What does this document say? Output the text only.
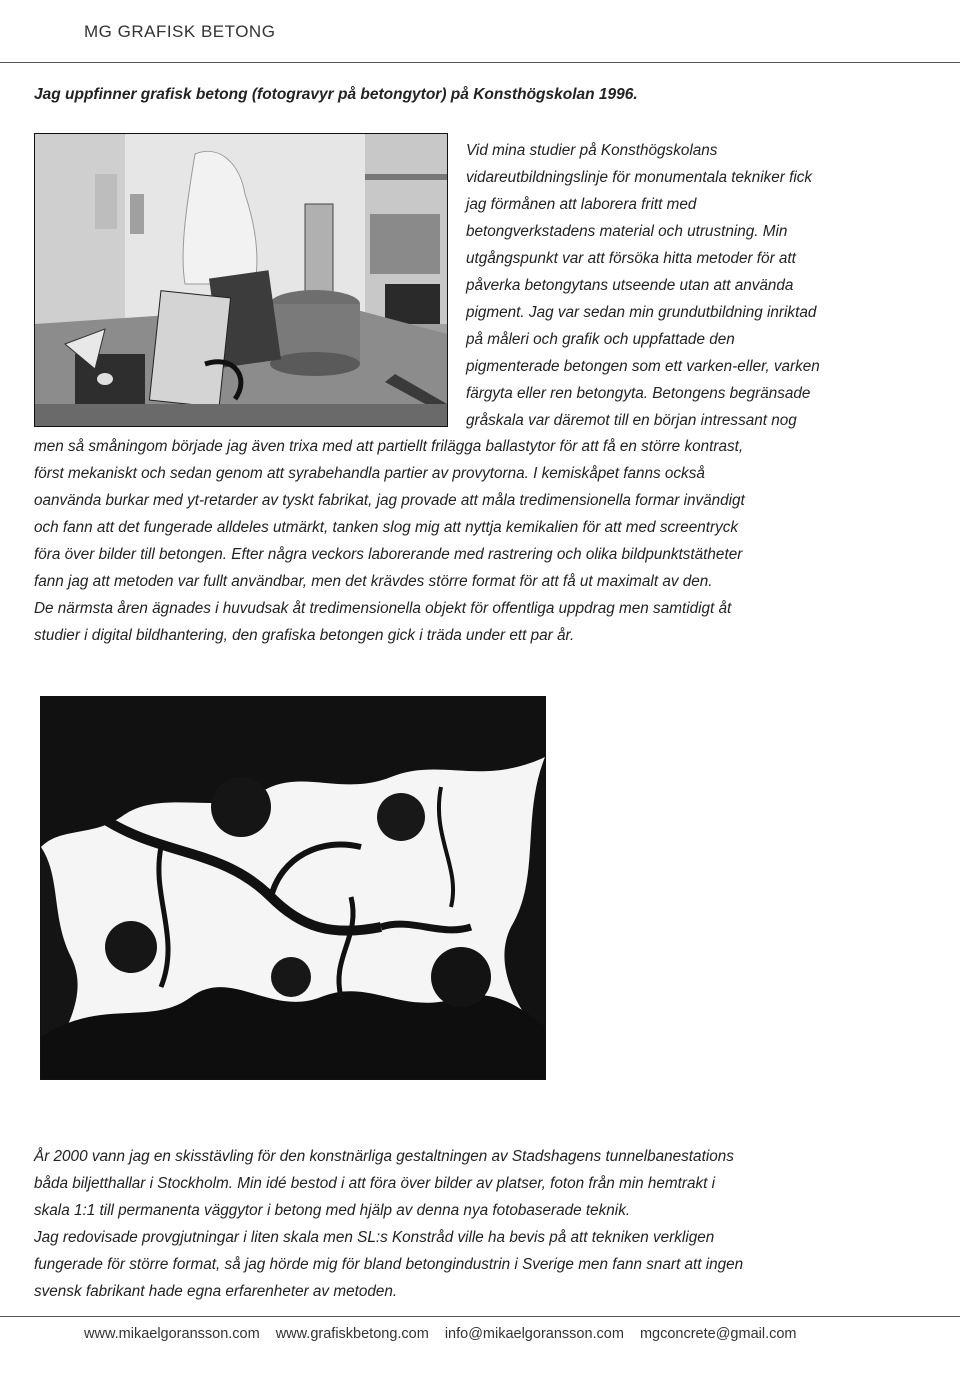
MG GRAFISK BETONG
Jag uppfinner grafisk betong (fotogravyr på betongytor) på Konsthögskolan 1996.
Vid mina studier på Konsthögskolans
vidareutbildningslinje för monumentala tekniker fick
jag förmånen att laborera fritt med
betongverkstadens material och utrustning. Min
utgångspunkt var att försöka hitta metoder för att
påverka betongytans utseende utan att använda
pigment. Jag var sedan min grundutbildning inriktad
på måleri och grafik och uppfattade den
pigmenterade betongen som ett varken-eller, varken
färgyta eller ren betongyta. Betongens begränsade
gråskala var däremot till en början intressant nog
men så småningom började jag även trixa med att partiellt frilägga ballastytor för att få en större kontrast,
först mekaniskt och sedan genom att syrabehandla partier av provytorna. I kemiskåpet fanns också
oanvända burkar med yt-retarder av tyskt fabrikat, jag provade att måla tredimensionella formar invändigt
och fann att det fungerade alldeles utmärkt, tanken slog mig att nyttja kemikalien för att med screentryck
föra över bilder till betongen. Efter några veckors laborerande med rastrering och olika bildpunktstätheter
fann jag att metoden var fullt användbar, men det krävdes större format för att få ut maximalt av den.
De närmsta åren ägnades i huvudsak åt tredimensionella objekt för offentliga uppdrag men samtidigt åt
studier i digital bildhantering, den grafiska betongen gick i träda under ett par år.
År 2000 vann jag en skisstävling för den konstnärliga gestaltningen av Stadshagens tunnelbanestations
båda biljetthallar i Stockholm. Min idé bestod i att föra över bilder av platser, foton från min hemtrakt i
skala 1:1 till permanenta väggytor i betong med hjälp av denna nya fotobaserade teknik.
Jag redovisade provgjutningar i liten skala men SL:s Konstråd ville ha bevis på att tekniken verkligen
fungerade för större format, så jag hörde mig för bland betongindustrin i Sverige men fann snart att ingen
svensk fabrikant hade egna erfarenheter av metoden.
www.mikaelgoransson.com www.grafiskbetong.com info@mikaelgoransson.com mgconcrete@gmail.com
